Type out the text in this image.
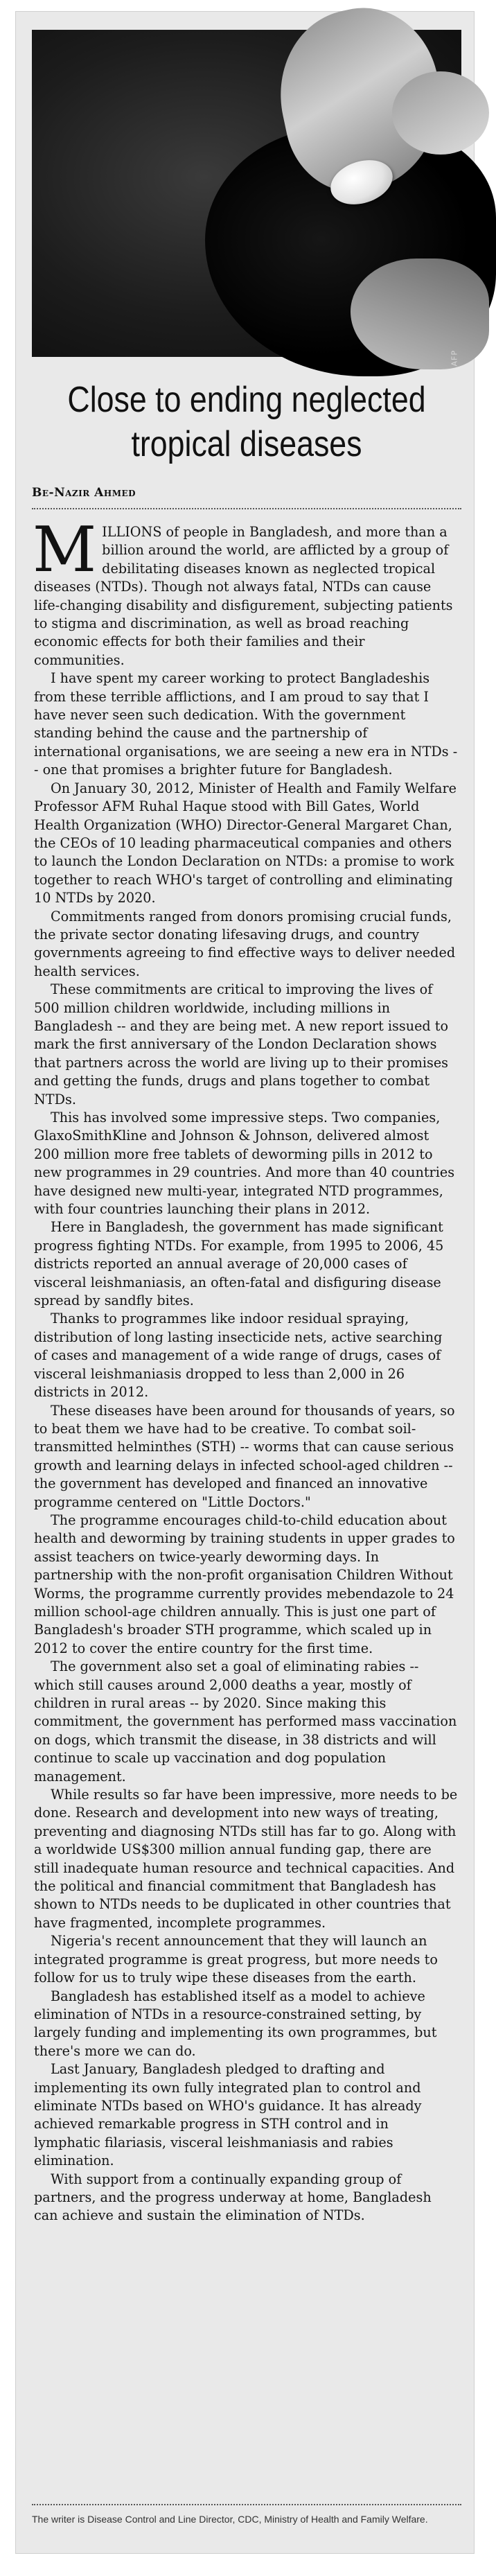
AFP
Close to ending neglected
tropical diseases
Be-Nazir Ahmed

MILLIONS of people in Bangladesh, and more than a billion around the world, are afflicted by a group of debilitating diseases known as neglected tropical diseases (NTDs). Though not always fatal, NTDs can cause life-changing disability and disfigurement, subjecting patients to stigma and discrimination, as well as broad reaching economic effects for both their families and their communities.

I have spent my career working to protect Bangladeshis from these terrible afflictions, and I am proud to say that I have never seen such dedication. With the government standing behind the cause and the partnership of international organisations, we are seeing a new era in NTDs -- one that promises a brighter future for Bangladesh.

On January 30, 2012, Minister of Health and Family Welfare Professor AFM Ruhal Haque stood with Bill Gates, World Health Organization (WHO) Director-General Margaret Chan, the CEOs of 10 leading pharmaceutical companies and others to launch the London Declaration on NTDs: a promise to work together to reach WHO's target of controlling and eliminating 10 NTDs by 2020.

Commitments ranged from donors promising crucial funds, the private sector donating lifesaving drugs, and country governments agreeing to find effective ways to deliver needed health services.

These commitments are critical to improving the lives of 500 million children worldwide, including millions in Bangladesh -- and they are being met. A new report issued to mark the first anniversary of the London Declaration shows that partners across the world are living up to their promises and getting the funds, drugs and plans together to combat NTDs.

This has involved some impressive steps. Two companies, GlaxoSmithKline and Johnson & Johnson, delivered almost 200 million more free tablets of deworming pills in 2012 to new programmes in 29 countries. And more than 40 countries have designed new multi-year, integrated NTD programmes, with four countries launching their plans in 2012.

Here in Bangladesh, the government has made significant progress fighting NTDs. For example, from 1995 to 2006, 45 districts reported an annual average of 20,000 cases of visceral leishmaniasis, an often-fatal and disfiguring disease spread by sandfly bites.

Thanks to programmes like indoor residual spraying, distribution of long lasting insecticide nets, active searching of cases and management of a wide range of drugs, cases of visceral leishmaniasis dropped to less than 2,000 in 26 districts in 2012.

These diseases have been around for thousands of years, so to beat them we have had to be creative. To combat soil-transmitted helminthes (STH) -- worms that can cause serious growth and learning delays in infected school-aged children -- the government has developed and financed an innovative programme centered on "Little Doctors."

The programme encourages child-to-child education about health and deworming by training students in upper grades to assist teachers on twice-yearly deworming days. In partnership with the non-profit organisation Children Without Worms, the programme currently provides mebendazole to 24 million school-age children annually. This is just one part of Bangladesh's broader STH programme, which scaled up in 2012 to cover the entire country for the first time.

The government also set a goal of eliminating rabies -- which still causes around 2,000 deaths a year, mostly of children in rural areas -- by 2020. Since making this commitment, the government has performed mass vaccination on dogs, which transmit the disease, in 38 districts and will continue to scale up vaccination and dog population management.

While results so far have been impressive, more needs to be done. Research and development into new ways of treating, preventing and diagnosing NTDs still has far to go. Along with a worldwide US$300 million annual funding gap, there are still inadequate human resource and technical capacities. And the political and financial commitment that Bangladesh has shown to NTDs needs to be duplicated in other countries that have fragmented, incomplete programmes.

Nigeria's recent announcement that they will launch an integrated programme is great progress, but more needs to follow for us to truly wipe these diseases from the earth.

Bangladesh has established itself as a model to achieve elimination of NTDs in a resource-constrained setting, by largely funding and implementing its own programmes, but there's more we can do.

Last January, Bangladesh pledged to drafting and implementing its own fully integrated plan to control and eliminate NTDs based on WHO's guidance. It has already achieved remarkable progress in STH control and in lymphatic filariasis, visceral leishmaniasis and rabies elimination.

With support from a continually expanding group of partners, and the progress underway at home, Bangladesh can achieve and sustain the elimination of NTDs.

The writer is Disease Control and Line Director, CDC, Ministry of Health and Family Welfare.
